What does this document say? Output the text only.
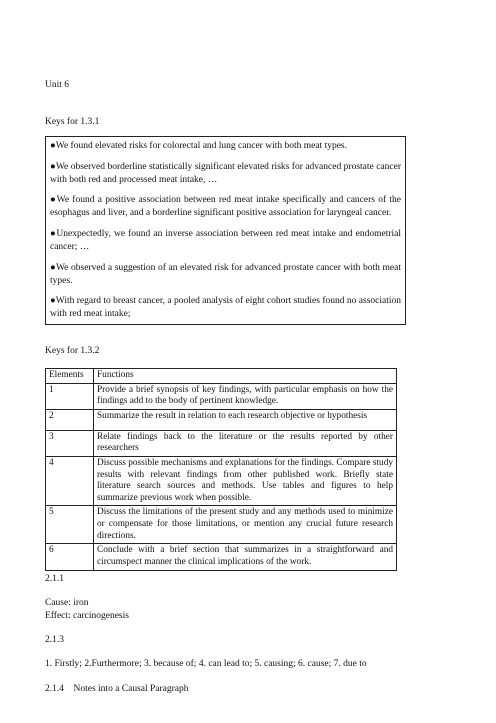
Unit 6
Keys for 1.3.1

●We found elevated risks for colorectal and lung cancer with both meat types.

●We observed borderline statistically significant elevated risks for advanced prostate cancer with both red and processed meat intake, …

●We found a positive association between red meat intake specifically and cancers of the esophagus and liver, and a borderline significant positive association for laryngeal cancer.

●Unexpectedly, we found an inverse association between red meat intake and endometrial cancer; …

●We observed a suggestion of an elevated risk for advanced prostate cancer with both meat types.

●With regard to breast cancer, a pooled analysis of eight cohort studies found no association with red meat intake;

Keys for 1.3.2
Elements	Functions
1	Provide a brief synopsis of key findings, with particular emphasis on how the findings add to the body of pertinent knowledge.
2	Summarize the result in relation to each research objective or hypothesis
3	Relate findings back to the literature or the results reported by other researchers
4	Discuss possible mechanisms and explanations for the findings. Compare study results with relevant findings from other published work. Briefly state literature search sources and methods. Use tables and figures to help summarize previous work when possible.
5	Discuss the limitations of the present study and any methods used to minimize or compensate for those limitations, or mention any crucial future research directions.
6	Conclude with a brief section that summarizes in a straightforward and circumspect manner the clinical implications of the work.
2.1.1
Cause: iron
Effect: carcinogenesis
2.1.3
1. Firstly; 2.Furthermore; 3. because of; 4. can lead to; 5. causing; 6. cause; 7. due to
2.1.4    Notes into a Causal Paragraph
